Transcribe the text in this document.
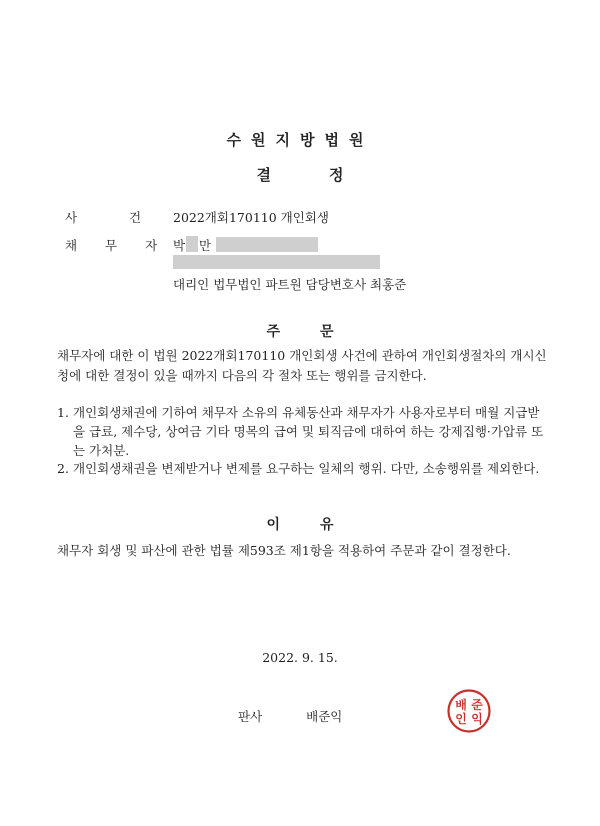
수원지방법원
결정
사 건 2022개회170110 개인회생
채 무 자 박 만
대리인 법무법인 파트원 담당변호사 최홍준
주문
채무자에 대한 이 법원 2022개회170110 개인회생 사건에 관하여 개인회생절차의 개시신청에 대한 결정이 있을 때까지 다음의 각 절차 또는 행위를 금지한다.
1. 개인회생채권에 기하여 채무자 소유의 유체동산과 채무자가 사용자로부터 매월 지급받을 급료, 제수당, 상여금 기타 명목의 급여 및 퇴직금에 대하여 하는 강제집행·가압류 또는 가처분.
2. 개인회생채권을 변제받거나 변제를 요구하는 일체의 행위. 다만, 소송행위를 제외한다.
이유
채무자 회생 및 파산에 관한 법률 제593조 제1항을 적용하여 주문과 같이 결정한다.
2022. 9. 15.
판사	배준익
배 준
인 익
